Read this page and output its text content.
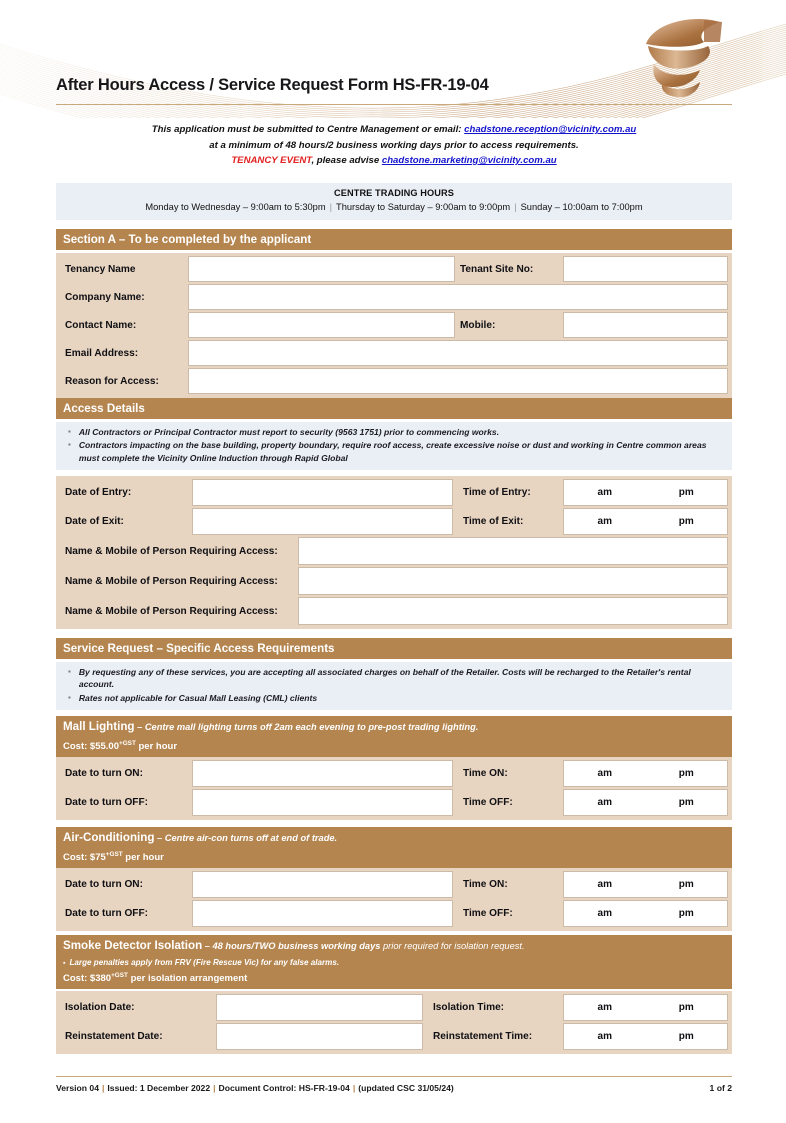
After Hours Access / Service Request Form HS-FR-19-04
This application must be submitted to Centre Management or email: chadstone.reception@vicinity.com.au
at a minimum of 48 hours/2 business working days prior to access requirements.
TENANCY EVENT, please advise chadstone.marketing@vicinity.com.au
CENTRE TRADING HOURS
Monday to Wednesday – 9:00am to 5:30pm | Thursday to Saturday – 9:00am to 9:00pm | Sunday – 10:00am to 7:00pm
Section A – To be completed by the applicant
Tenancy Name	Tenant Site No:
Company Name:
Contact Name:	Mobile:
Email Address:
Reason for Access:
Access Details
▪ All Contractors or Principal Contractor must report to security (9563 1751) prior to commencing works.
▪ Contractors impacting on the base building, property boundary, require roof access, create excessive noise or dust and working in Centre common areas must complete the Vicinity Online Induction through Rapid Global
Date of Entry:	Time of Entry:	am	pm
Date of Exit:	Time of Exit:	am	pm
Name & Mobile of Person Requiring Access:
Name & Mobile of Person Requiring Access:
Name & Mobile of Person Requiring Access:
Service Request – Specific Access Requirements
▪ By requesting any of these services, you are accepting all associated charges on behalf of the Retailer. Costs will be recharged to the Retailer's rental account.
▪ Rates not applicable for Casual Mall Leasing (CML) clients
Mall Lighting – Centre mall lighting turns off 2am each evening to pre-post trading lighting.
Cost: $\$55.00^{+GST}$ per hour
Date to turn ON:	Time ON:	am	pm
Date to turn OFF:	Time OFF:	am	pm
Air-Conditioning – Centre air-con turns off at end of trade.
Cost: $\$75^{+GST}$ per hour
Date to turn ON:	Time ON:	am	pm
Date to turn OFF:	Time OFF:	am	pm
Smoke Detector Isolation – 48 hours/TWO business working days prior required for isolation request.
▪ Large penalties apply from FRV (Fire Rescue Vic) for any false alarms.
Cost: $\$380^{+GST}$ per isolation arrangement
Isolation Date:	Isolation Time:	am	pm
Reinstatement Date:	Reinstatement Time:	am	pm
Version 04 | Issued: 1 December 2022 | Document Control: HS-FR-19-04 | (updated CSC 31/05/24)	1 of 2
